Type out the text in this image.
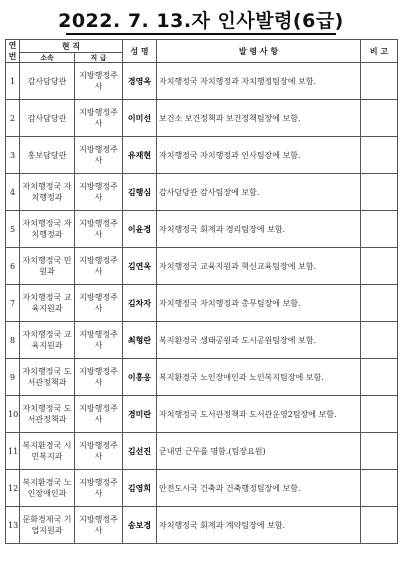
2022. 7. 13.자 인사발령(6급)
연번	현 직		성 명	발 령 사 항	비 고
	소속	직 급			
1	감사담당관	지방행정주사	경영옥	자치행정국 자치행정과 자치행정팀장에 보함.	
2	감사담당관	지방행정주사	이미선	보건소 보건정책과 보건정책팀장에 보함.	
3	홍보담당관	지방행정주사	유재현	자치행정국 자치행정과 인사팀장에 보함.	
4	자치행정국 자치행정과	지방행정주사	김행심	감사담당관 감사팀장에 보함.	
5	자치행정국 자치행정과	지방행정주사	이윤경	자치행정국 회계과 경리팀장에 보함.	
6	자치행정국 민원과	지방행정주사	김연옥	자치행정국 교육지원과 혁신교육팀장에 보함.	
7	자치행정국 교육지원과	지방행정주사	김차자	자치행정국 자치행정과 총무팀장에 보함.	
8	자치행정국 교육지원과	지방행정주사	최형란	복지환경국 생태공원과 도시공원팀장에 보함.	
9	자치행정국 도서관정책과	지방행정주사	이홍응	복지환경국 노인장애인과 노인복지팀장에 보함.	
10	자치행정국 도서관정책과	지방행정주사	경미란	자치행정국 도서관정책과 도서관운영2팀장에 보함.	
11	복지환경국 시민복지과	지방행정주사	김선진	군내면 근무를 명함.(팀장요원)	
12	복지환경국 노인장애인과	지방행정주사	김영희	안전도시국 건축과 건축행정팀장에 보함.	
13	문화경제국 기업지원과	지방행정주사	송보경	자치행정국 회계과 계약팀장에 보함.	
